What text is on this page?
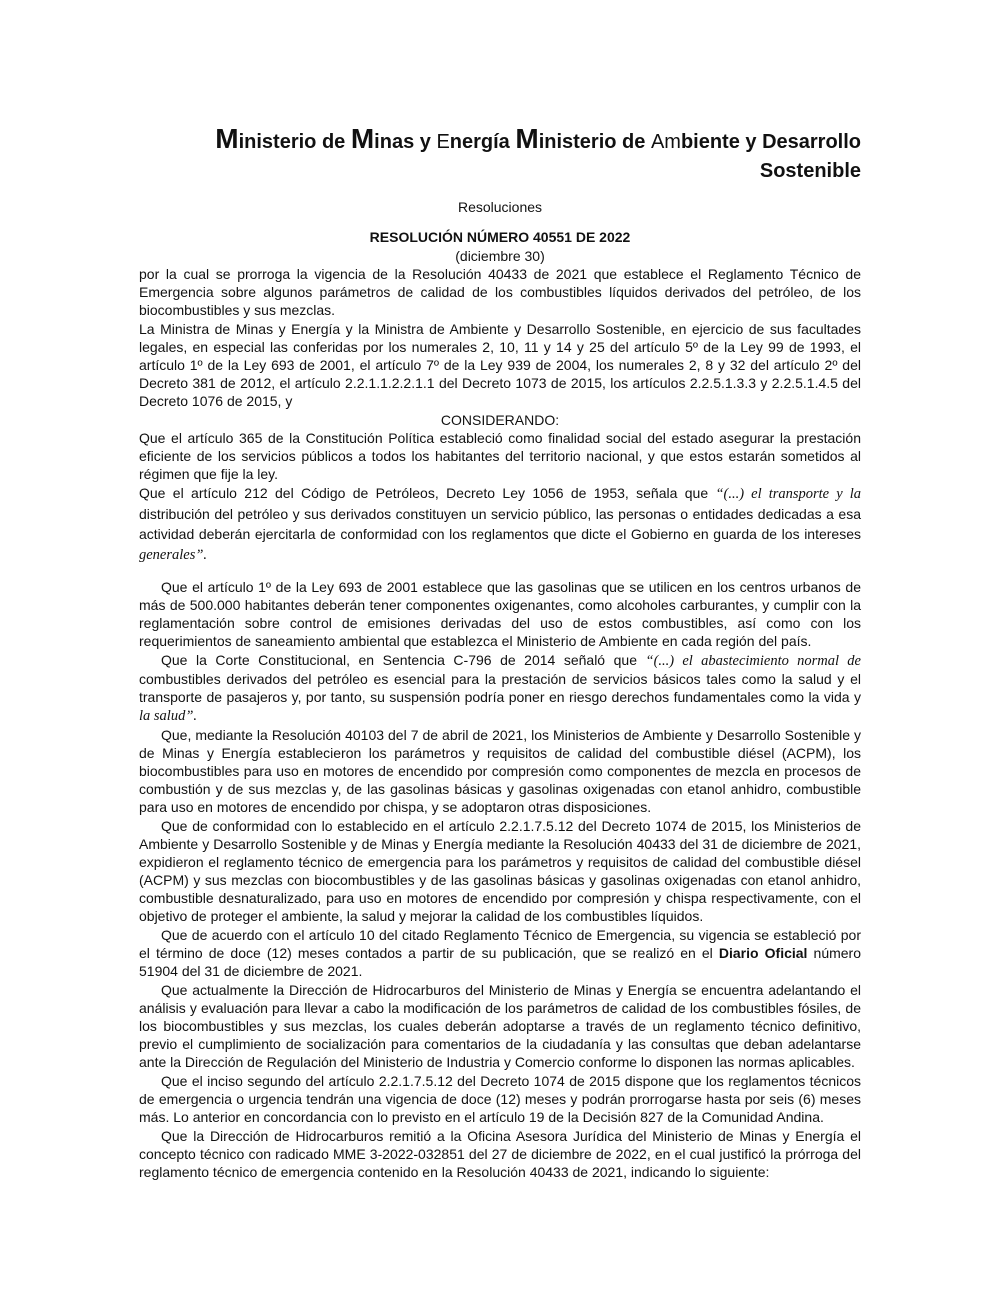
Ministerio de Minas y Energía Ministerio de Ambiente y Desarrollo
Sostenible
Resoluciones
RESOLUCIÓN NÚMERO 40551 DE 2022
(diciembre 30)

por la cual se prorroga la vigencia de la Resolución 40433 de 2021 que establece el Reglamento Técnico de Emergencia sobre algunos parámetros de calidad de los combustibles líquidos derivados del petróleo, de los biocombustibles y sus mezclas.

La Ministra de Minas y Energía y la Ministra de Ambiente y Desarrollo Sostenible, en ejercicio de sus facultades legales, en especial las conferidas por los numerales 2, 10, 11 y 14 y 25 del artículo 5º de la Ley 99 de 1993, el artículo 1º de la Ley 693 de 2001, el artículo 7º de la Ley 939 de 2004, los numerales 2, 8 y 32 del artículo 2º del Decreto 381 de 2012, el artículo 2.2.1.1.2.2.1.1 del Decreto 1073 de 2015, los artículos 2.2.5.1.3.3 y 2.2.5.1.4.5 del Decreto 1076 de 2015, y

CONSIDERANDO:

Que el artículo 365 de la Constitución Política estableció como finalidad social del estado asegurar la prestación eficiente de los servicios públicos a todos los habitantes del territorio nacional, y que estos estarán sometidos al régimen que fije la ley.

Que el artículo 212 del Código de Petróleos, Decreto Ley 1056 de 1953, señala que “(...) el transporte y la distribución del petróleo y sus derivados constituyen un servicio público, las personas o entidades dedicadas a esa actividad deberán ejercitarla de conformidad con los reglamentos que dicte el Gobierno en guarda de los intereses generales”.

Que el artículo 1º de la Ley 693 de 2001 establece que las gasolinas que se utilicen en los centros urbanos de más de 500.000 habitantes deberán tener componentes oxigenantes, como alcoholes carburantes, y cumplir con la reglamentación sobre control de emisiones derivadas del uso de estos combustibles, así como con los requerimientos de saneamiento ambiental que establezca el Ministerio de Ambiente en cada región del país.

Que la Corte Constitucional, en Sentencia C-796 de 2014 señaló que “(...) el abastecimiento normal de combustibles derivados del petróleo es esencial para la prestación de servicios básicos tales como la salud y el transporte de pasajeros y, por tanto, su suspensión podría poner en riesgo derechos fundamentales como la vida y la salud”.

Que, mediante la Resolución 40103 del 7 de abril de 2021, los Ministerios de Ambiente y Desarrollo Sostenible y de Minas y Energía establecieron los parámetros y requisitos de calidad del combustible diésel (ACPM), los biocombustibles para uso en motores de encendido por compresión como componentes de mezcla en procesos de combustión y de sus mezclas y, de las gasolinas básicas y gasolinas oxigenadas con etanol anhidro, combustible para uso en motores de encendido por chispa, y se adoptaron otras disposiciones.

Que de conformidad con lo establecido en el artículo 2.2.1.7.5.12 del Decreto 1074 de 2015, los Ministerios de Ambiente y Desarrollo Sostenible y de Minas y Energía mediante la Resolución 40433 del 31 de diciembre de 2021, expidieron el reglamento técnico de emergencia para los parámetros y requisitos de calidad del combustible diésel (ACPM) y sus mezclas con biocombustibles y de las gasolinas básicas y gasolinas oxigenadas con etanol anhidro, combustible desnaturalizado, para uso en motores de encendido por compresión y chispa respectivamente, con el objetivo de proteger el ambiente, la salud y mejorar la calidad de los combustibles líquidos.

Que de acuerdo con el artículo 10 del citado Reglamento Técnico de Emergencia, su vigencia se estableció por el término de doce (12) meses contados a partir de su publicación, que se realizó en el Diario Oficial número 51904 del 31 de diciembre de 2021.

Que actualmente la Dirección de Hidrocarburos del Ministerio de Minas y Energía se encuentra adelantando el análisis y evaluación para llevar a cabo la modificación de los parámetros de calidad de los combustibles fósiles, de los biocombustibles y sus mezclas, los cuales deberán adoptarse a través de un reglamento técnico definitivo, previo el cumplimiento de socialización para comentarios de la ciudadanía y las consultas que deban adelantarse ante la Dirección de Regulación del Ministerio de Industria y Comercio conforme lo disponen las normas aplicables.

Que el inciso segundo del artículo 2.2.1.7.5.12 del Decreto 1074 de 2015 dispone que los reglamentos técnicos de emergencia o urgencia tendrán una vigencia de doce (12) meses y podrán prorrogarse hasta por seis (6) meses más. Lo anterior en concordancia con lo previsto en el artículo 19 de la Decisión 827 de la Comunidad Andina.

Que la Dirección de Hidrocarburos remitió a la Oficina Asesora Jurídica del Ministerio de Minas y Energía el concepto técnico con radicado MME 3-2022-032851 del 27 de diciembre de 2022, en el cual justificó la prórroga del reglamento técnico de emergencia contenido en la Resolución 40433 de 2021, indicando lo siguiente:
